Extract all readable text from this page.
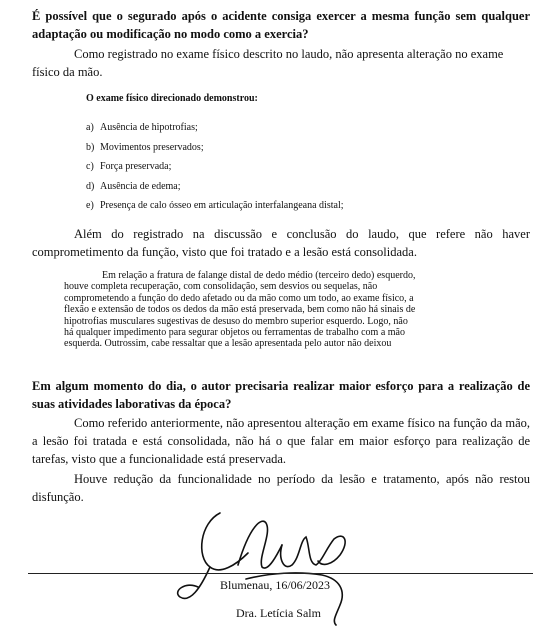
É possível que o segurado após o acidente consiga exercer a mesma função sem qualquer adaptação ou modificação no modo como a exercia?

Como registrado no exame físico descrito no laudo, não apresenta alteração no exame físico da mão.

O exame físico direcionado demonstrou:

a) Ausência de hipotrofias;
b) Movimentos preservados;
c) Força preservada;
d) Ausência de edema;
e) Presença de calo ósseo em articulação interfalangeana distal;

Além do registrado na discussão e conclusão do laudo, que refere não haver comprometimento da função, visto que foi tratado e a lesão está consolidada.

Em relação a fratura de falange distal de dedo médio (terceiro dedo) esquerdo,
houve completa recuperação, com consolidação, sem desvios ou sequelas, não
comprometendo a função do dedo afetado ou da mão como um todo, ao exame físico, a
flexão e extensão de todos os dedos da mão está preservada, bem como não há sinais de
hipotrofias musculares sugestivas de desuso do membro superior esquerdo. Logo, não
há qualquer impedimento para segurar objetos ou ferramentas de trabalho com a mão
esquerda. Outrossim, cabe ressaltar que a lesão apresentada pelo autor não deixou

Em algum momento do dia, o autor precisaria realizar maior esforço para a realização de suas atividades laborativas da época?

Como referido anteriormente, não apresentou alteração em exame físico na função da mão, a lesão foi tratada e está consolidada, não há o que falar em maior esforço para realização de tarefas, visto que a funcionalidade está preservada.

Houve redução da funcionalidade no período da lesão e tratamento, após não restou disfunção.

Blumenau, 16/06/2023

Dra. Letícia Salm
